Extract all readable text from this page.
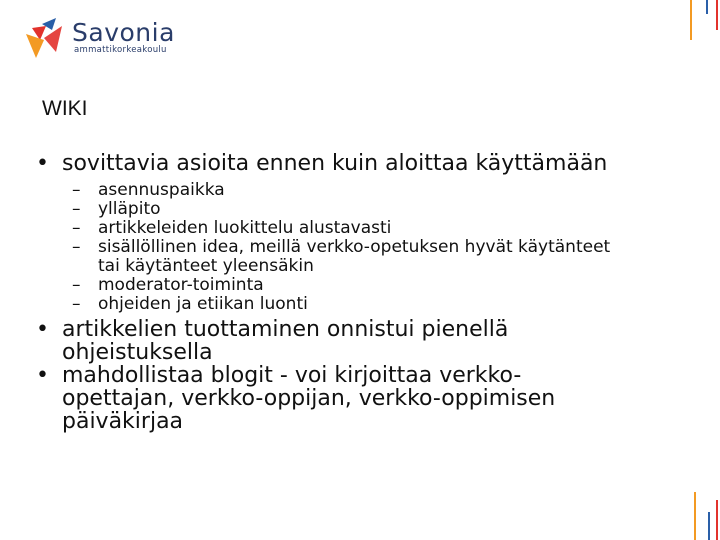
Savonia
ammattikorkeakoulu
WIKI
• sovittavia asioita ennen kuin aloittaa käyttämään
– asennuspaikka
– ylläpito
– artikkeleiden luokittelu alustavasti
– sisällöllinen idea, meillä verkko-opetuksen hyvät käytänteet tai käytänteet yleensäkin
– moderator-toiminta
– ohjeiden ja etiikan luonti
• artikkelien tuottaminen onnistui pienellä ohjeistuksella
• mahdollistaa blogit - voi kirjoittaa verkko-opettajan, verkko-oppijan, verkko-oppimisen päiväkirjaa
